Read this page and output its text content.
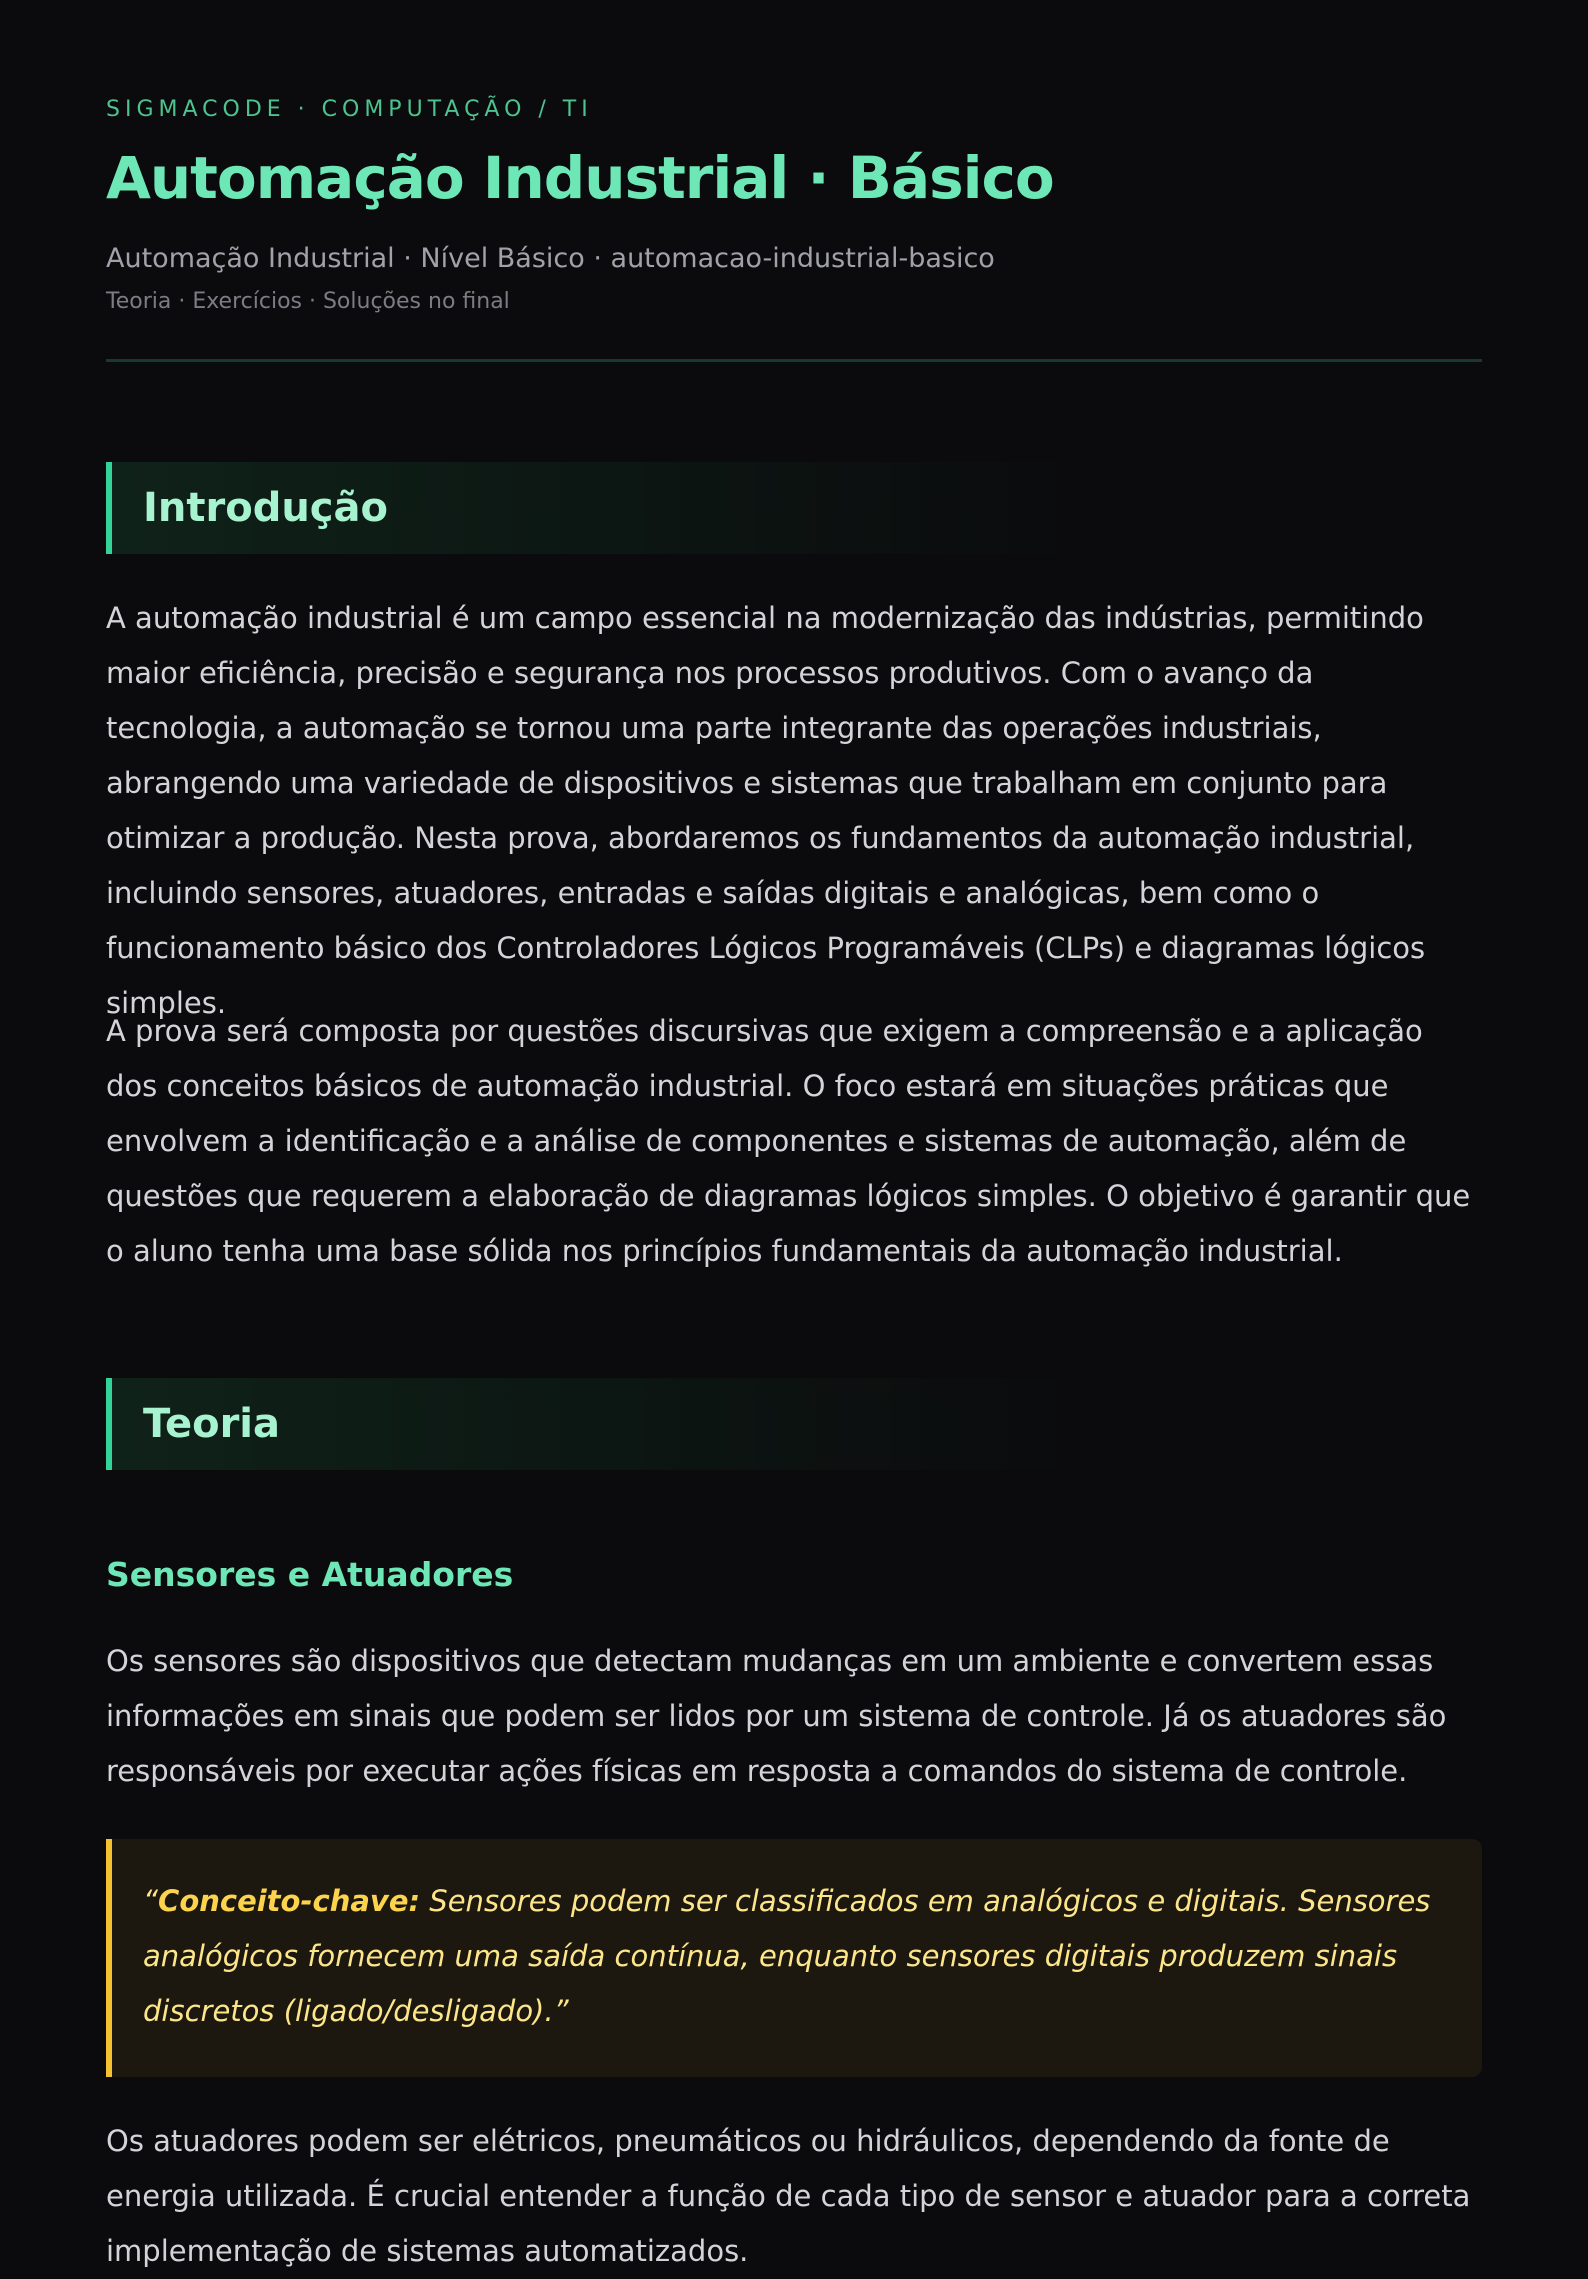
SIGMACODE · COMPUTAÇÃO / TI
Automação Industrial · Básico
Automação Industrial · Nível Básico · automacao-industrial-basico
Teoria · Exercícios · Soluções no final
Introdução

A automação industrial é um campo essencial na modernização das indústrias, permitindo maior eficiência, precisão e segurança nos processos produtivos. Com o avanço da tecnologia, a automação se tornou uma parte integrante das operações industriais, abrangendo uma variedade de dispositivos e sistemas que trabalham em conjunto para otimizar a produção. Nesta prova, abordaremos os fundamentos da automação industrial, incluindo sensores, atuadores, entradas e saídas digitais e analógicas, bem como o funcionamento básico dos Controladores Lógicos Programáveis (CLPs) e diagramas lógicos simples.

A prova será composta por questões discursivas que exigem a compreensão e a aplicação dos conceitos básicos de automação industrial. O foco estará em situações práticas que envolvem a identificação e a análise de componentes e sistemas de automação, além de questões que requerem a elaboração de diagramas lógicos simples. O objetivo é garantir que o aluno tenha uma base sólida nos princípios fundamentais da automação industrial.

Teoria
Sensores e Atuadores

Os sensores são dispositivos que detectam mudanças em um ambiente e convertem essas informações em sinais que podem ser lidos por um sistema de controle. Já os atuadores são responsáveis por executar ações físicas em resposta a comandos do sistema de controle.

“Conceito-chave: Sensores podem ser classificados em analógicos e digitais. Sensores analógicos fornecem uma saída contínua, enquanto sensores digitais produzem sinais discretos (ligado/desligado).”

Os atuadores podem ser elétricos, pneumáticos ou hidráulicos, dependendo da fonte de energia utilizada. É crucial entender a função de cada tipo de sensor e atuador para a correta implementação de sistemas automatizados.
